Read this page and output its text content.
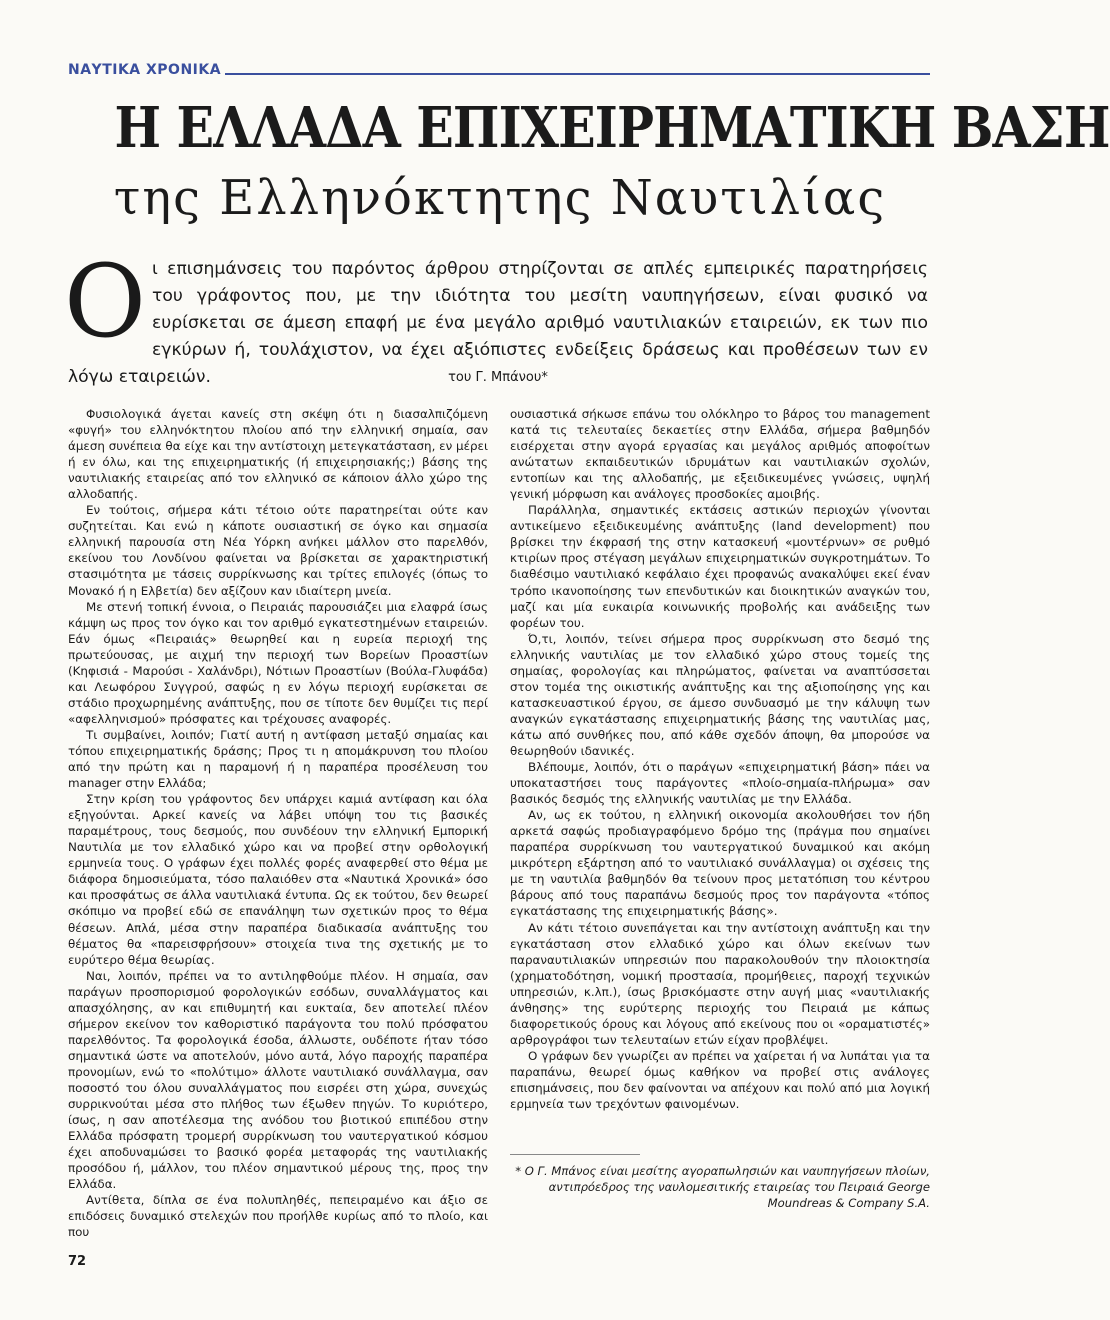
ΝΑΥΤΙΚΑ ΧΡΟΝΙΚΑ
Η ΕΛΛΑΔΑ ΕΠΙΧΕΙΡΗΜΑΤΙΚΗ ΒΑΣΗ
της Ελληνόκτητης Ναυτιλίας
Ο ι επισημάνσεις του παρόντος άρθρου στηρίζονται σε απλές εμπειρικές παρατηρήσεις του γράφοντος που, με την ιδιότητα του μεσίτη ναυπηγήσεων, είναι φυσικό να ευρίσκεται σε άμεση επαφή με ένα μεγάλο αριθμό ναυτιλιακών εταιρειών, εκ των πιο εγκύρων ή, τουλάχιστον, να έχει αξιόπιστες ενδείξεις δράσεως και προθέσεων των εν λόγω εταιρειών.	του Γ. Μπάνου*

Φυσιολογικά άγεται κανείς στη σκέψη ότι η διασαλπιζόμενη «φυγή» του ελληνόκτητου πλοίου από την ελληνική σημαία, σαν άμεση συνέπεια θα είχε και την αντίστοιχη μετεγκατάσταση, εν μέρει ή εν όλω, και της επιχειρηματικής (ή επιχειρησιακής;) βάσης της ναυτιλιακής εταιρείας από τον ελληνικό σε κάποιον άλλο χώρο της αλλοδαπής.

Εν τούτοις, σήμερα κάτι τέτοιο ούτε παρατηρείται ούτε καν συζητείται. Και ενώ η κάποτε ουσιαστική σε όγκο και σημασία ελληνική παρουσία στη Νέα Υόρκη ανήκει μάλλον στο παρελθόν, εκείνου του Λονδίνου φαίνεται να βρίσκεται σε χαρακτηριστική στασιμότητα με τάσεις συρρίκνωσης και τρίτες επιλογές (όπως το Μονακό ή η Ελβετία) δεν αξίζουν καν ιδιαίτερη μνεία.

Με στενή τοπική έννοια, ο Πειραιάς παρουσιάζει μια ελαφρά ίσως κάμψη ως προς τον όγκο και τον αριθμό εγκατεστημένων εταιρειών. Εάν όμως «Πειραιάς» θεωρηθεί και η ευρεία περιοχή της πρωτεύουσας, με αιχμή την περιοχή των Βορείων Προαστίων (Κηφισιά - Μαρούσι - Χαλάνδρι), Νότιων Προαστίων (Βούλα-Γλυφάδα) και Λεωφόρου Συγγρού, σαφώς η εν λόγω περιοχή ευρίσκεται σε στάδιο προχωρημένης ανάπτυξης, που σε τίποτε δεν θυμίζει τις περί «αφελληνισμού» πρόσφατες και τρέχουσες αναφορές.

Τι συμβαίνει, λοιπόν; Γιατί αυτή η αντίφαση μεταξύ σημαίας και τόπου επιχειρηματικής δράσης; Προς τι η απομάκρυνση του πλοίου από την πρώτη και η παραμονή ή η παραπέρα προσέλευση του manager στην Ελλάδα;

Στην κρίση του γράφοντος δεν υπάρχει καμιά αντίφαση και όλα εξηγούνται. Αρκεί κανείς να λάβει υπόψη του τις βασικές παραμέτρους, τους δεσμούς, που συνδέουν την ελληνική Εμπορική Ναυτιλία με τον ελλαδικό χώρο και να προβεί στην ορθολογική ερμηνεία τους. Ο γράφων έχει πολλές φορές αναφερθεί στο θέμα με διάφορα δημοσιεύματα, τόσο παλαιόθεν στα «Ναυτικά Χρονικά» όσο και προσφάτως σε άλλα ναυτιλιακά έντυπα. Ως εκ τούτου, δεν θεωρεί σκόπιμο να προβεί εδώ σε επανάληψη των σχετικών προς το θέμα θέσεων. Απλά, μέσα στην παραπέρα διαδικασία ανάπτυξης του θέματος θα «παρεισφρήσουν» στοιχεία τινα της σχετικής με το ευρύτερο θέμα θεωρίας.

Ναι, λοιπόν, πρέπει να το αντιληφθούμε πλέον. Η σημαία, σαν παράγων προσπορισμού φορολογικών εσόδων, συναλλάγματος και απασχόλησης, αν και επιθυμητή και ευκταία, δεν αποτελεί πλέον σήμερον εκείνον τον καθοριστικό παράγοντα του πολύ πρόσφατου παρελθόντος. Τα φορολογικά έσοδα, άλλωστε, ουδέποτε ήταν τόσο σημαντικά ώστε να αποτελούν, μόνο αυτά, λόγο παροχής παραπέρα προνομίων, ενώ το «πολύτιμο» άλλοτε ναυτιλιακό συνάλλαγμα, σαν ποσοστό του όλου συναλλάγματος που εισρέει στη χώρα, συνεχώς συρρικνούται μέσα στο πλήθος των έξωθεν πηγών. Το κυριότερο, ίσως, η σαν αποτέλεσμα της ανόδου του βιοτικού επιπέδου στην Ελλάδα πρόσφατη τρομερή συρρίκνωση του ναυτεργατικού κόσμου έχει αποδυναμώσει το βασικό φορέα μεταφοράς της ναυτιλιακής προσόδου ή, μάλλον, του πλέον σημαντικού μέρους της, προς την Ελλάδα.

Αντίθετα, δίπλα σε ένα πολυπληθές, πεπειραμένο και άξιο σε επιδόσεις δυναμικό στελεχών που προήλθε κυρίως από το πλοίο, και που

ουσιαστικά σήκωσε επάνω του ολόκληρο το βάρος του management κατά τις τελευταίες δεκαετίες στην Ελλάδα, σήμερα βαθμηδόν εισέρχεται στην αγορά εργασίας και μεγάλος αριθμός αποφοίτων ανώτατων εκπαιδευτικών ιδρυμάτων και ναυτιλιακών σχολών, εντοπίων και της αλλοδαπής, με εξειδικευμένες γνώσεις, υψηλή γενική μόρφωση και ανάλογες προσδοκίες αμοιβής.

Παράλληλα, σημαντικές εκτάσεις αστικών περιοχών γίνονται αντικείμενο εξειδικευμένης ανάπτυξης (land development) που βρίσκει την έκφρασή της στην κατασκευή «μοντέρνων» σε ρυθμό κτιρίων προς στέγαση μεγάλων επιχειρηματικών συγκροτημάτων. Το διαθέσιμο ναυτιλιακό κεφάλαιο έχει προφανώς ανακαλύψει εκεί έναν τρόπο ικανοποίησης των επενδυτικών και διοικητικών αναγκών του, μαζί και μία ευκαιρία κοινωνικής προβολής και ανάδειξης των φορέων του.

Ό,τι, λοιπόν, τείνει σήμερα προς συρρίκνωση στο δεσμό της ελληνικής ναυτιλίας με τον ελλαδικό χώρο στους τομείς της σημαίας, φορολογίας και πληρώματος, φαίνεται να αναπτύσσεται στον τομέα της οικιστικής ανάπτυξης και της αξιοποίησης γης και κατασκευαστικού έργου, σε άμεσο συνδυασμό με την κάλυψη των αναγκών εγκατάστασης επιχειρηματικής βάσης της ναυτιλίας μας, κάτω από συνθήκες που, από κάθε σχεδόν άποψη, θα μπορούσε να θεωρηθούν ιδανικές.

Βλέπουμε, λοιπόν, ότι ο παράγων «επιχειρηματική βάση» πάει να υποκαταστήσει τους παράγοντες «πλοίο-σημαία-πλήρωμα» σαν βασικός δεσμός της ελληνικής ναυτιλίας με την Ελλάδα.

Αν, ως εκ τούτου, η ελληνική οικονομία ακολουθήσει τον ήδη αρκετά σαφώς προδιαγραφόμενο δρόμο της (πράγμα που σημαίνει παραπέρα συρρίκνωση του ναυτεργατικού δυναμικού και ακόμη μικρότερη εξάρτηση από το ναυτιλιακό συνάλλαγμα) οι σχέσεις της με τη ναυτιλία βαθμηδόν θα τείνουν προς μετατόπιση του κέντρου βάρους από τους παραπάνω δεσμούς προς τον παράγοντα «τόπος εγκατάστασης της επιχειρηματικής βάσης».

Αν κάτι τέτοιο συνεπάγεται και την αντίστοιχη ανάπτυξη και την εγκατάσταση στον ελλαδικό χώρο και όλων εκείνων των παραναυτιλιακών υπηρεσιών που παρακολουθούν την πλοιοκτησία (χρηματοδότηση, νομική προστασία, προμήθειες, παροχή τεχνικών υπηρεσιών, κ.λπ.), ίσως βρισκόμαστε στην αυγή μιας «ναυτιλιακής άνθησης» της ευρύτερης περιοχής του Πειραιά με κάπως διαφορετικούς όρους και λόγους από εκείνους που οι «οραματιστές» αρθρογράφοι των τελευταίων ετών είχαν προβλέψει.

Ο γράφων δεν γνωρίζει αν πρέπει να χαίρεται ή να λυπάται για τα παραπάνω, θεωρεί όμως καθήκον να προβεί στις ανάλογες επισημάνσεις, που δεν φαίνονται να απέχουν και πολύ από μια λογική ερμηνεία των τρεχόντων φαινομένων.

* Ο Γ. Μπάνος είναι μεσίτης αγοραπωλησιών και ναυπηγήσεων πλοίων, αντιπρόεδρος της ναυλομεσιτικής εταιρείας του Πειραιά George Moundreas & Company S.A.
72
